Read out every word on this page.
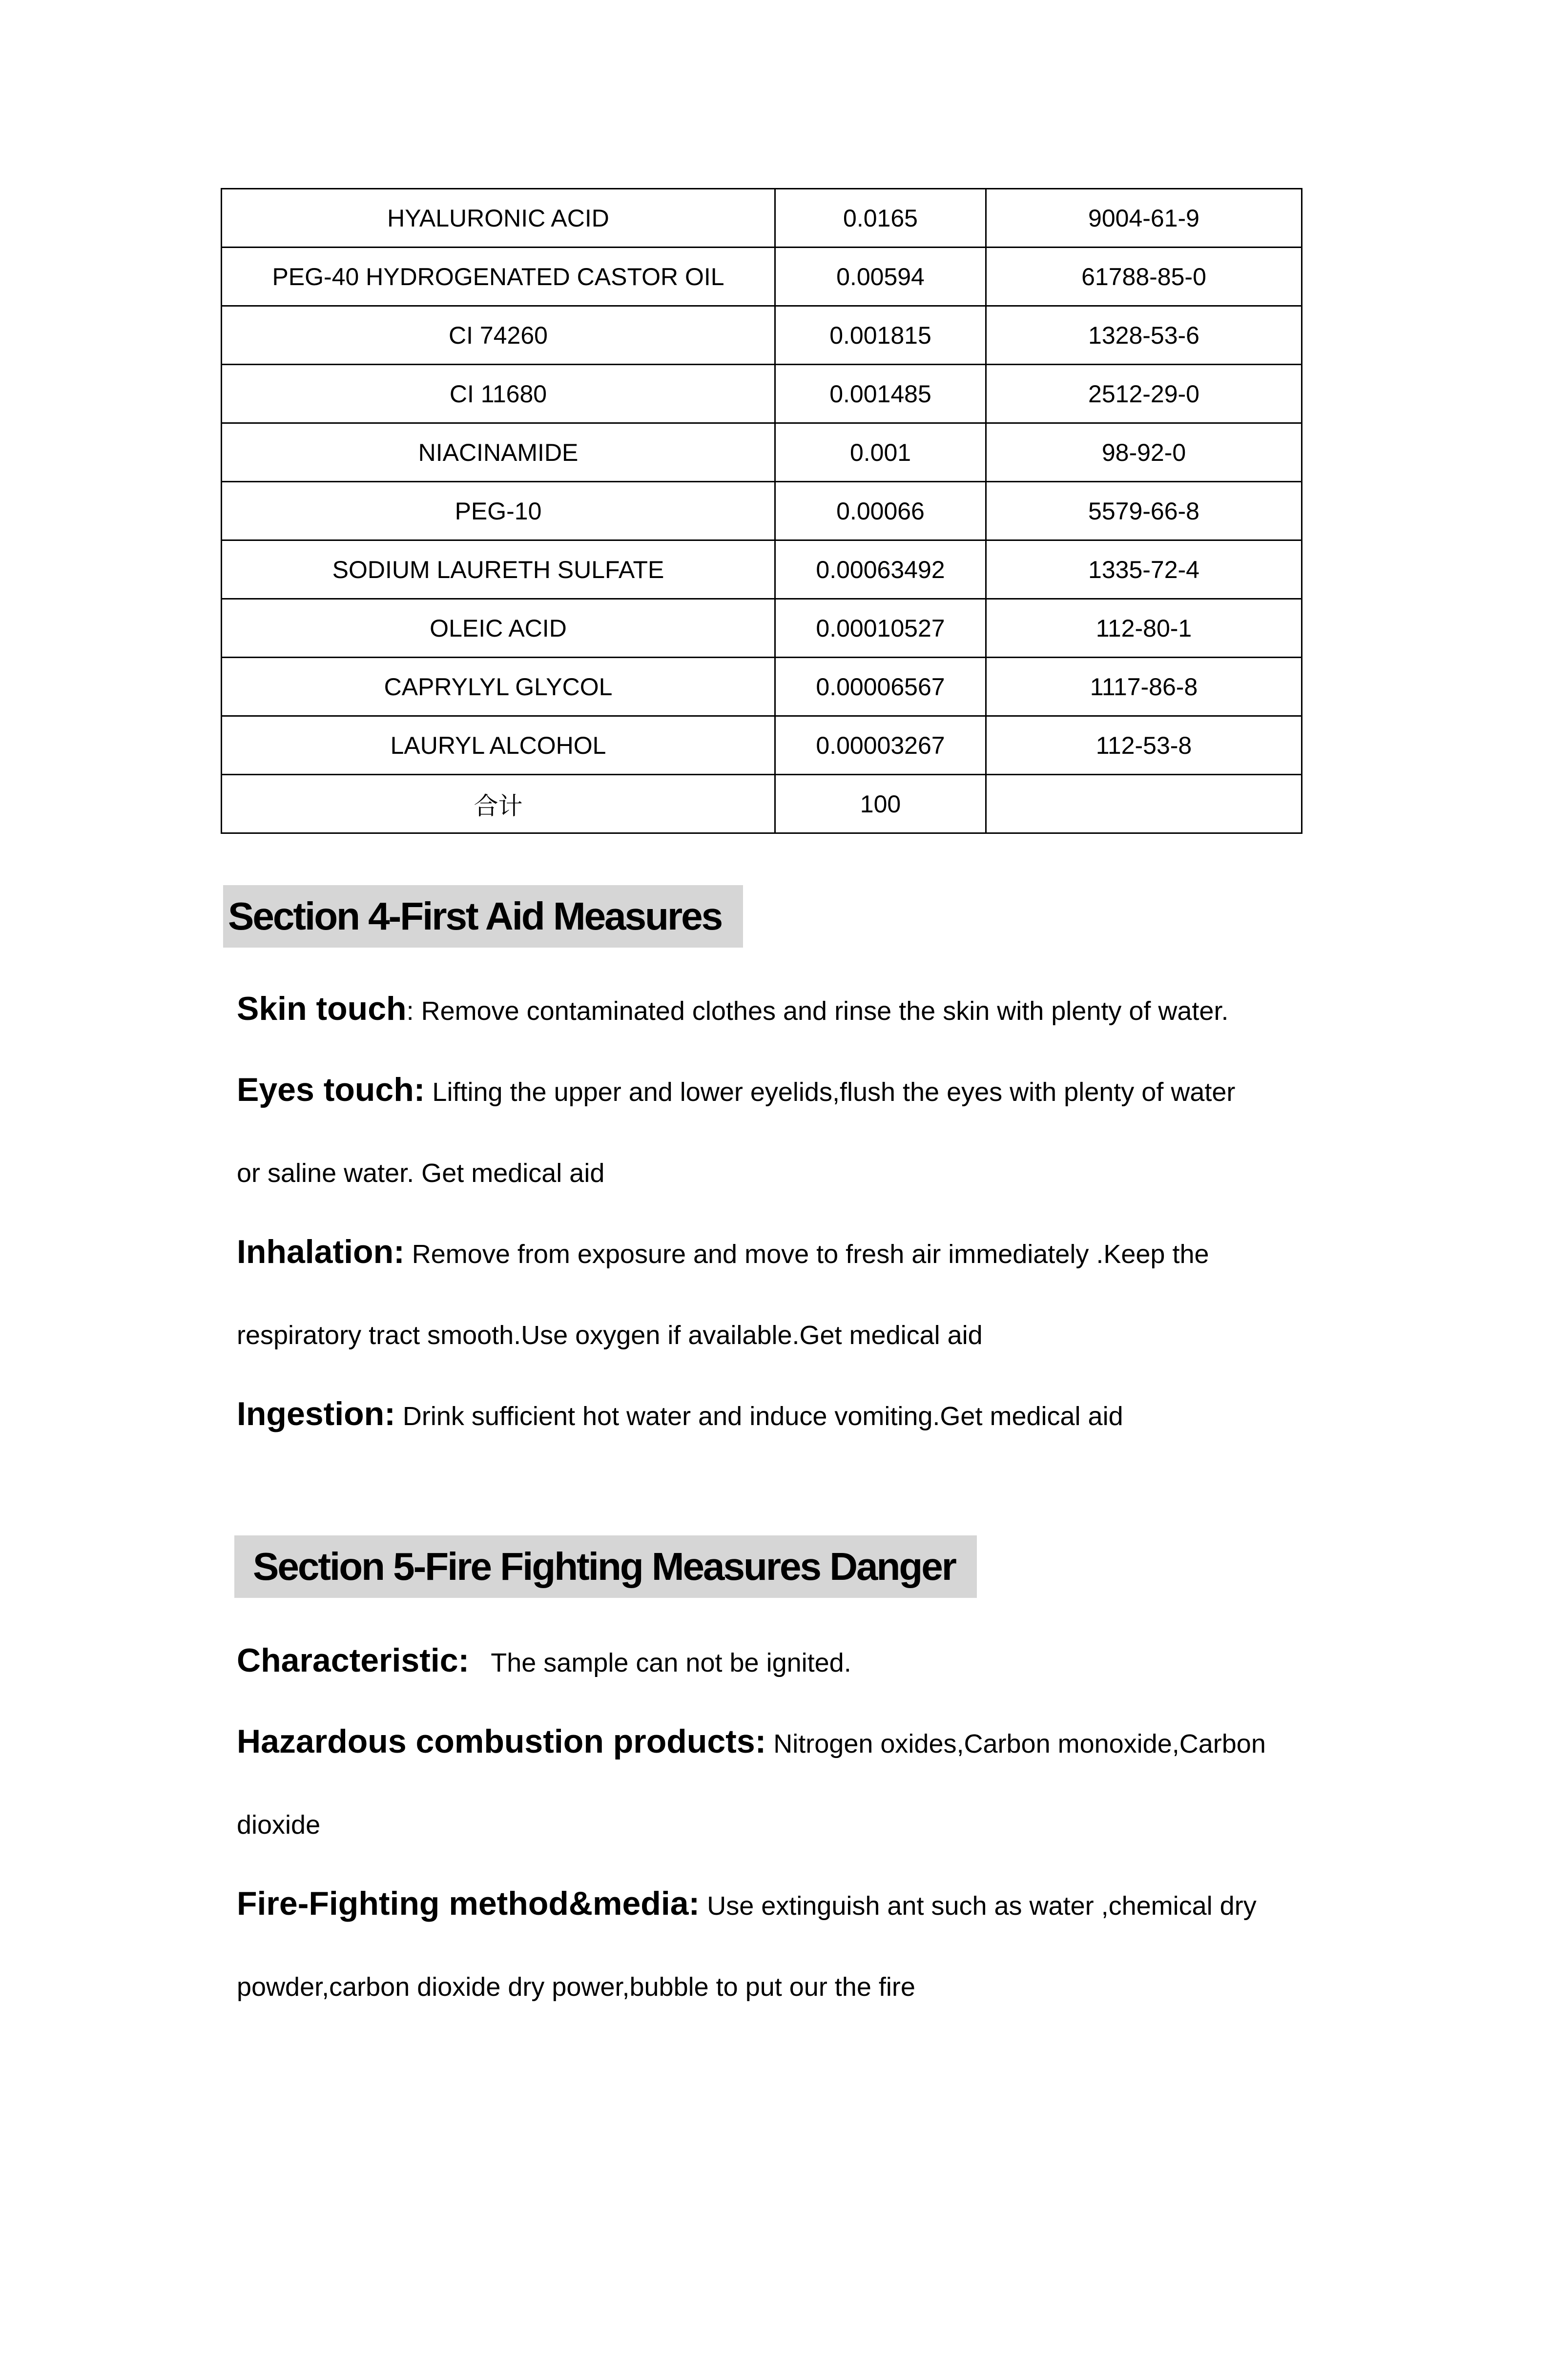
HYALURONIC ACID	0.0165	9004-61-9
PEG-40 HYDROGENATED CASTOR OIL	0.00594	61788-85-0
CI 74260	0.001815	1328-53-6
CI 11680	0.001485	2512-29-0
NIACINAMIDE	0.001	98-92-0
PEG-10	0.00066	5579-66-8
SODIUM LAURETH SULFATE	0.00063492	1335-72-4
OLEIC ACID	0.00010527	112-80-1
CAPRYLYL GLYCOL	0.00006567	1117-86-8
LAURYL ALCOHOL	0.00003267	112-53-8
合计	100	
Section 4-First Aid Measures

Skin touch: Remove contaminated clothes and rinse the skin with plenty of water.

Eyes touch: Lifting the upper and lower eyelids,flush the eyes with plenty of water

or saline water. Get medical aid

Inhalation: Remove from exposure and move to fresh air immediately .Keep the

respiratory tract smooth.Use oxygen if available.Get medical aid

Ingestion: Drink sufficient hot water and induce vomiting.Get medical aid

Section 5-Fire Fighting Measures Danger

Characteristic:   The sample can not be ignited.

Hazardous combustion products: Nitrogen oxides,Carbon monoxide,Carbon

dioxide

Fire-Fighting method&media: Use extinguish ant such as water ,chemical dry

powder,carbon dioxide dry power,bubble to put our the fire
